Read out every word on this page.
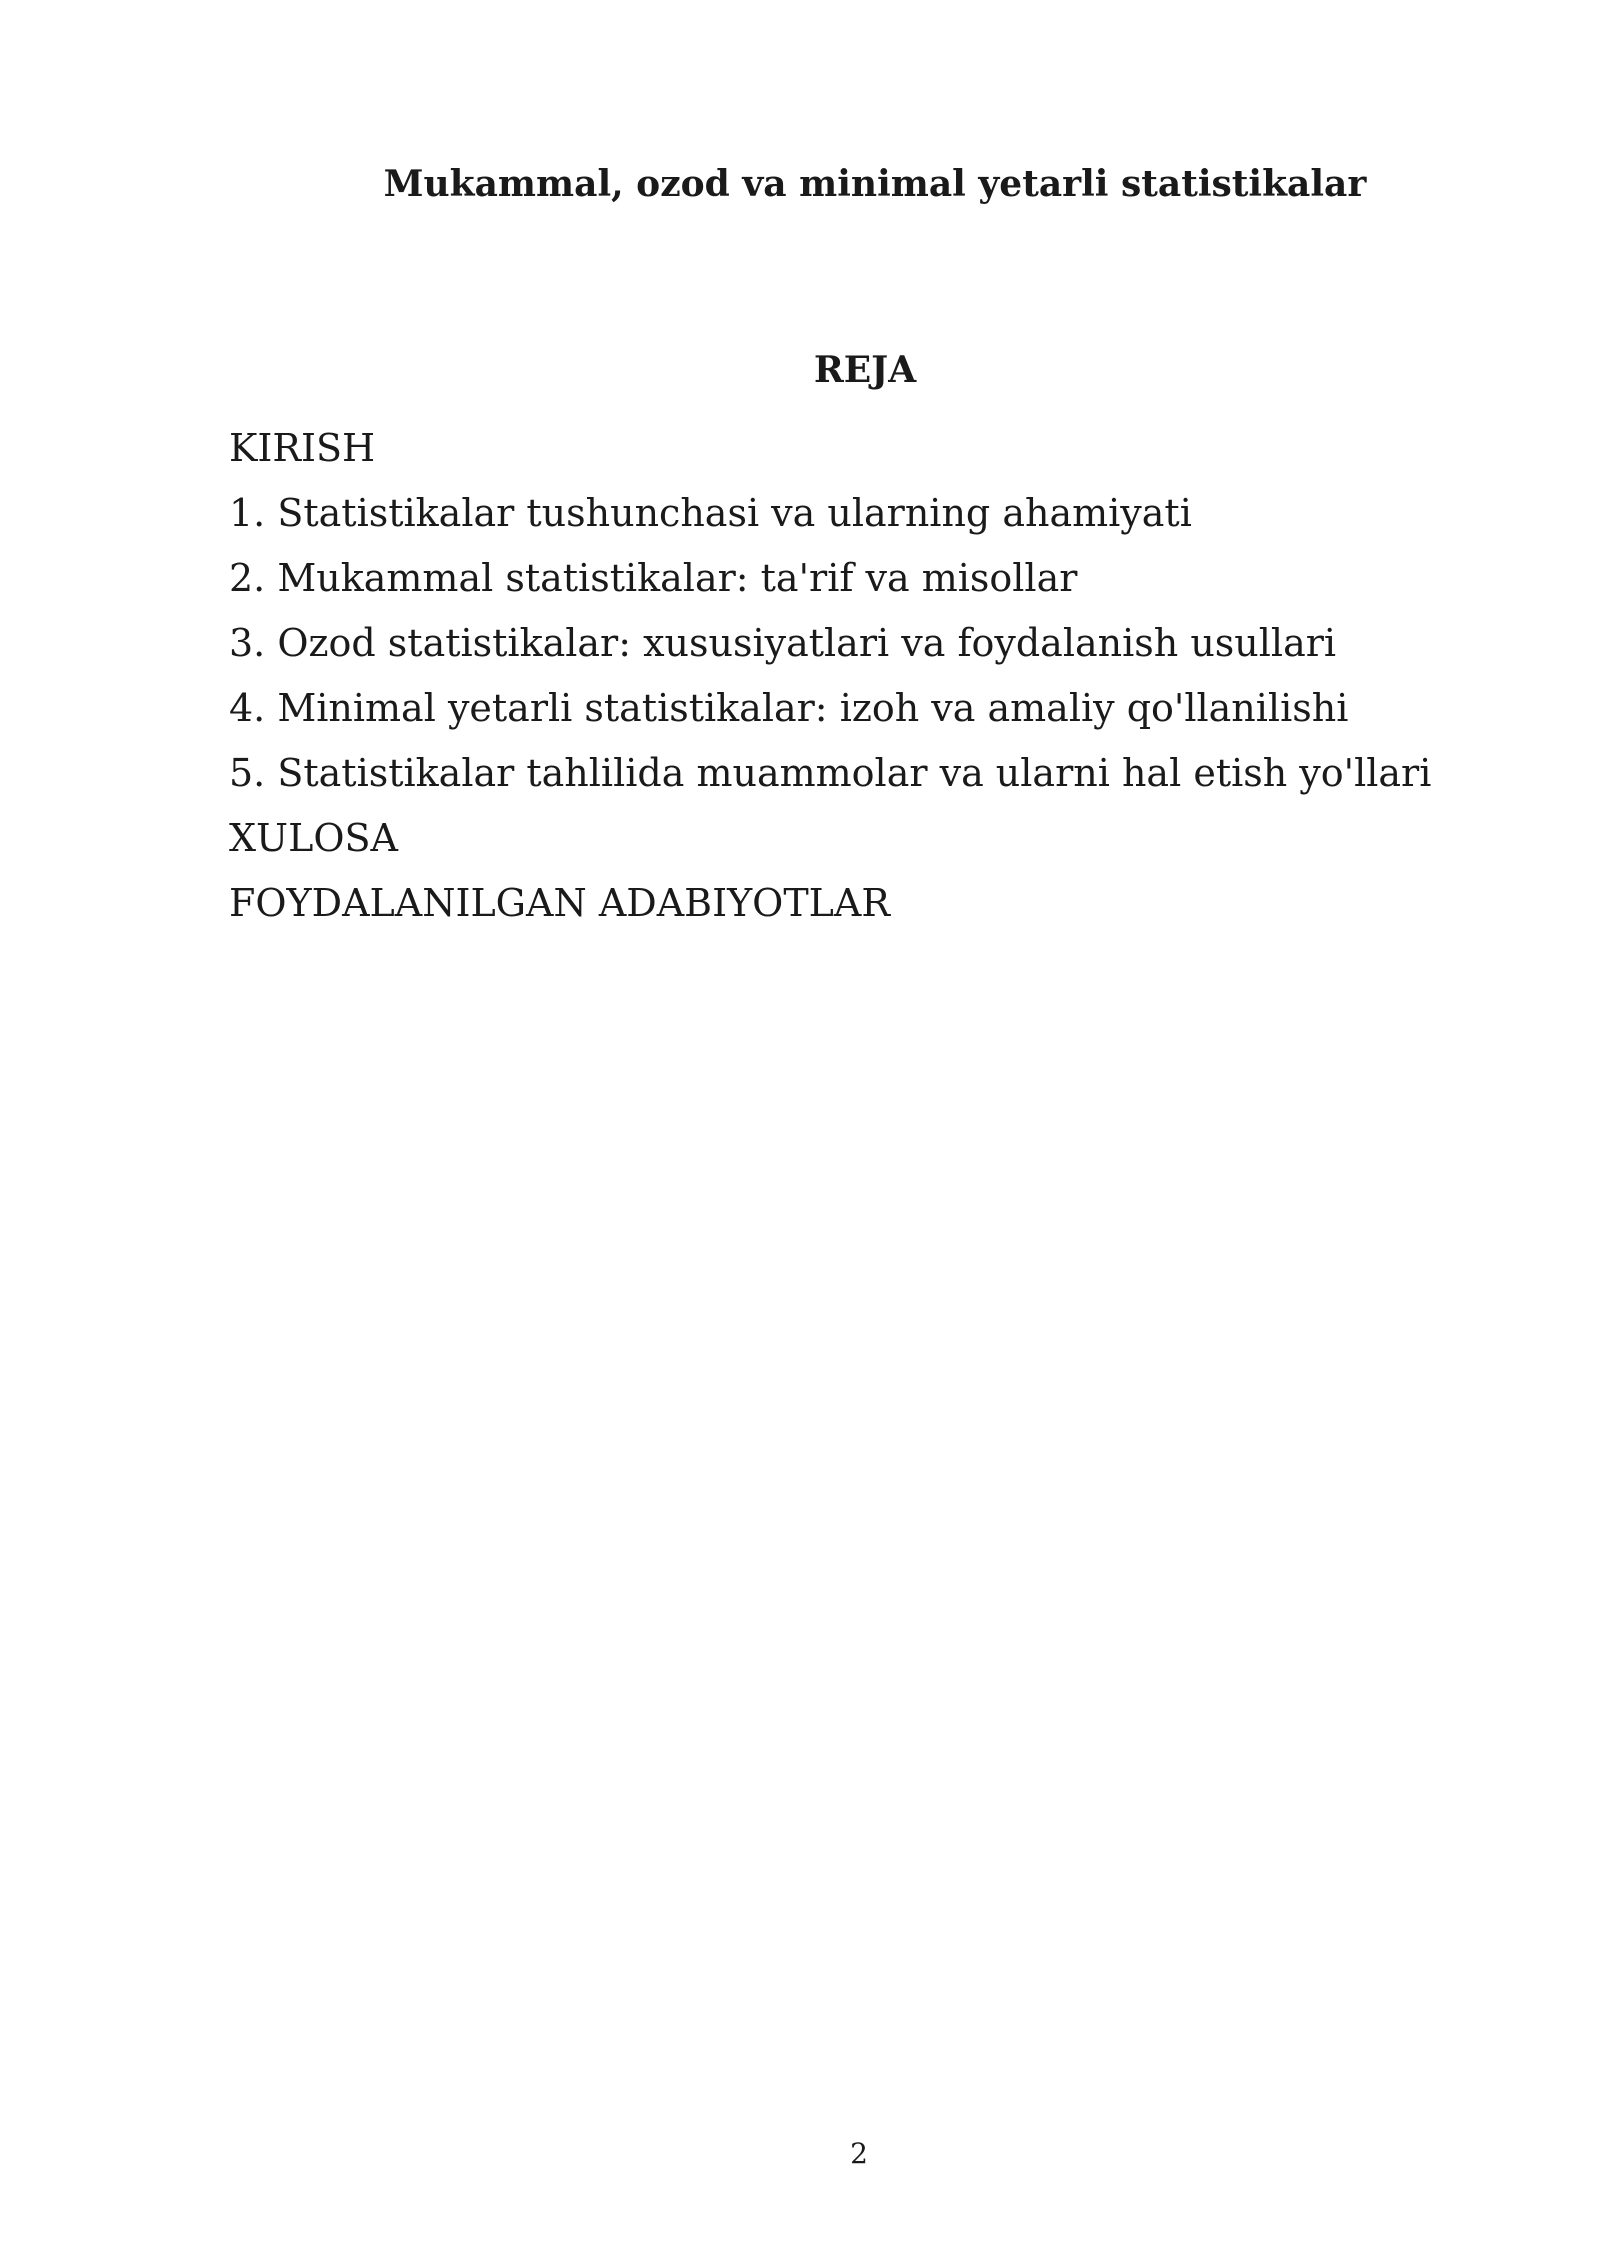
Mukammal, ozod va minimal yetarli statistikalar
REJA
KIRISH
1. Statistikalar tushunchasi va ularning ahamiyati
2. Mukammal statistikalar: ta'rif va misollar
3. Ozod statistikalar: xususiyatlari va foydalanish usullari
4. Minimal yetarli statistikalar: izoh va amaliy qo'llanilishi
5. Statistikalar tahlilida muammolar va ularni hal etish yo'llari
XULOSA
FOYDALANILGAN ADABIYOTLAR
2
